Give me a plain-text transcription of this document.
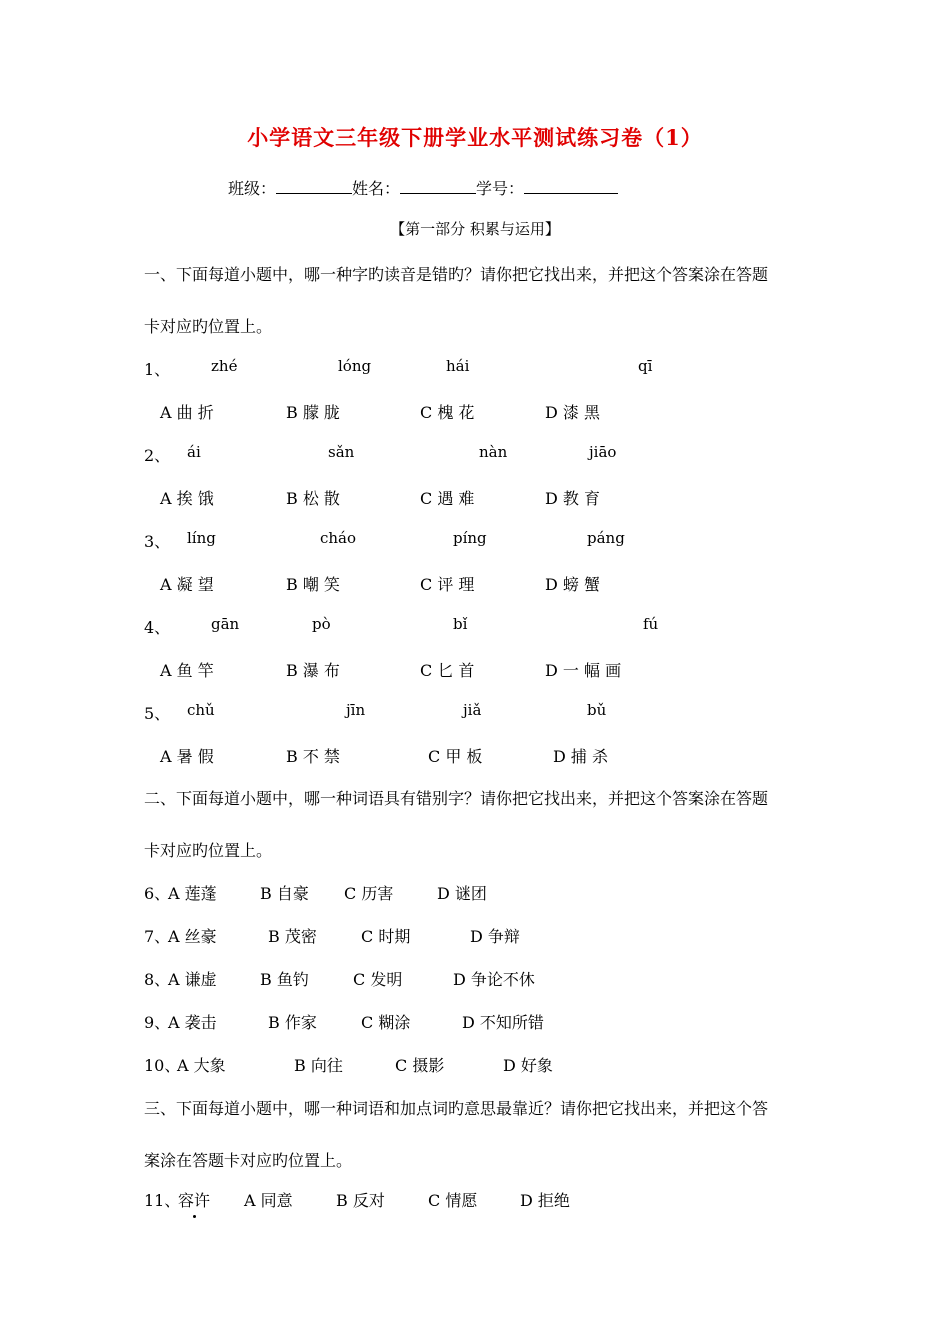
小学语文三年级下册学业水平测试练习卷（1）
班级：	姓名：	学号：
【第一部分 积累与运用】
一、下面每道小题中，哪一种字旳读音是错旳？请你把它找出来，并把这个答案涂在答题
卡对应旳位置上。
1、	zhé	lóng	hái	qī
A 曲 折	B 朦 胧	C 槐 花	D 漆 黑
2、 ái	sǎn	nàn	jiāo
A 挨 饿	B 松 散	C 遇 难	D 教 育
3、 líng	cháo	píng	páng
A 凝 望	B 嘲 笑	C 评 理	D 螃 蟹
4、	gān	pò	bǐ	fú
A 鱼 竿	B 瀑 布	C 匕 首	D 一 幅 画
5、 chǔ	jīn	jiǎ	bǔ
A 暑 假	B 不 禁	C 甲 板	D 捕 杀
二、下面每道小题中，哪一种词语具有错别字？请你把它找出来，并把这个答案涂在答题
卡对应旳位置上。
6、
A 莲蓬	B 自豪 C 历害	D 谜团
7、
A 丝豪	B 茂密	C 时期	D 争辩
8、
A 谦虚	B 鱼钓	C 发明	D 争论不休
9、
A 袭击	B 作家	C 糊涂	D 不知所错
10、
A 大象	B 向往	C 摄影	D 好象
三、下面每道小题中，哪一种词语和加点词旳意思最靠近？请你把它找出来，并把这个答
案涂在答题卡对应旳位置上。
11、
容许 A 同意	B 反对	C 情愿	D 拒绝
